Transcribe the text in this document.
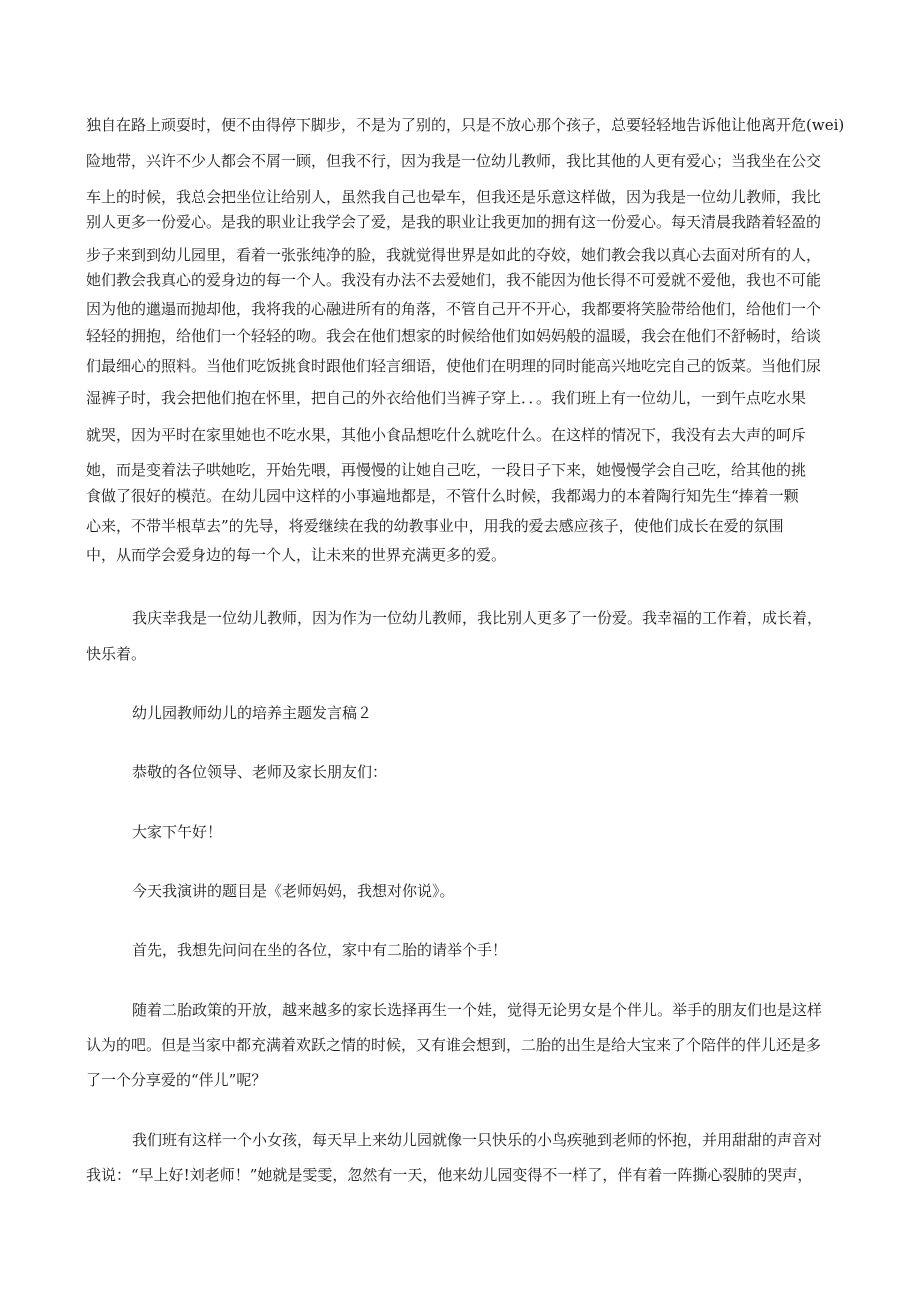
独自在路上顽耍时，便不由得停下脚步，不是为了别的，只是不放心那个孩子，总要轻轻地告诉他让他离开危(wei)
险地带，兴许不少人都会不屑一顾，但我不行，因为我是一位幼儿教师，我比其他的人更有爱心；当我坐在公交
车上的时候，我总会把坐位让给别人，虽然我自己也晕车，但我还是乐意这样做，因为我是一位幼儿教师，我比
别人更多一份爱心。是我的职业让我学会了爱，是我的职业让我更加的拥有这一份爱心。每天清晨我踏着轻盈的
步子来到到幼儿园里，看着一张张纯净的脸，我就觉得世界是如此的夺姣，她们教会我以真心去面对所有的人，
她们教会我真心的爱身边的每一个人。我没有办法不去爱她们，我不能因为他长得不可爱就不爱他，我也不可能
因为他的邋遢而抛却他，我将我的心融进所有的角落，不管自己开不开心，我都要将笑脸带给他们，给他们一个
轻轻的拥抱，给他们一个轻轻的吻。我会在他们想家的时候给他们如妈妈般的温暖，我会在他们不舒畅时，给谈
们最细心的照料。当他们吃饭挑食时跟他们轻言细语，使他们在明理的同时能高兴地吃完自己的饭菜。当他们尿
湿裤子时，我会把他们抱在怀里，把自己的外衣给他们当裤子穿上．．。我们班上有一位幼儿，一到午点吃水果
就哭，因为平时在家里她也不吃水果，其他小食品想吃什么就吃什么。在这样的情况下，我没有去大声的呵斥
她，而是变着法子哄她吃，开始先喂，再慢慢的让她自己吃，一段日子下来，她慢慢学会自己吃，给其他的挑
食做了很好的模范。在幼儿园中这样的小事遍地都是，不管什么时候，我都竭力的本着陶行知先生“捧着一颗
心来，不带半根草去”的先导，将爱继续在我的幼教事业中，用我的爱去感应孩子，使他们成长在爱的氛围
中，从而学会爱身边的每一个人，让未来的世界充满更多的爱。
我庆幸我是一位幼儿教师，因为作为一位幼儿教师，我比别人更多了一份爱。我幸福的工作着，成长着，
快乐着。
幼儿园教师幼儿的培养主题发言稿２
恭敬的各位领导、老师及家长朋友们：
大家下午好！
今天我演讲的题目是《老师妈妈，我想对你说》。
首先，我想先问问在坐的各位，家中有二胎的请举个手！
随着二胎政策的开放，越来越多的家长选择再生一个娃，觉得无论男女是个伴儿。举手的朋友们也是这样
认为的吧。但是当家中都充满着欢跃之情的时候，又有谁会想到，二胎的出生是给大宝来了个陪伴的伴儿还是多
了一个分享爱的“伴儿”呢？
我们班有这样一个小女孩，每天早上来幼儿园就像一只快乐的小鸟疾驰到老师的怀抱，并用甜甜的声音对
我说：“早上好!刘老师！”她就是雯雯，忽然有一天，他来幼儿园变得不一样了，伴有着一阵撕心裂肺的哭声，
